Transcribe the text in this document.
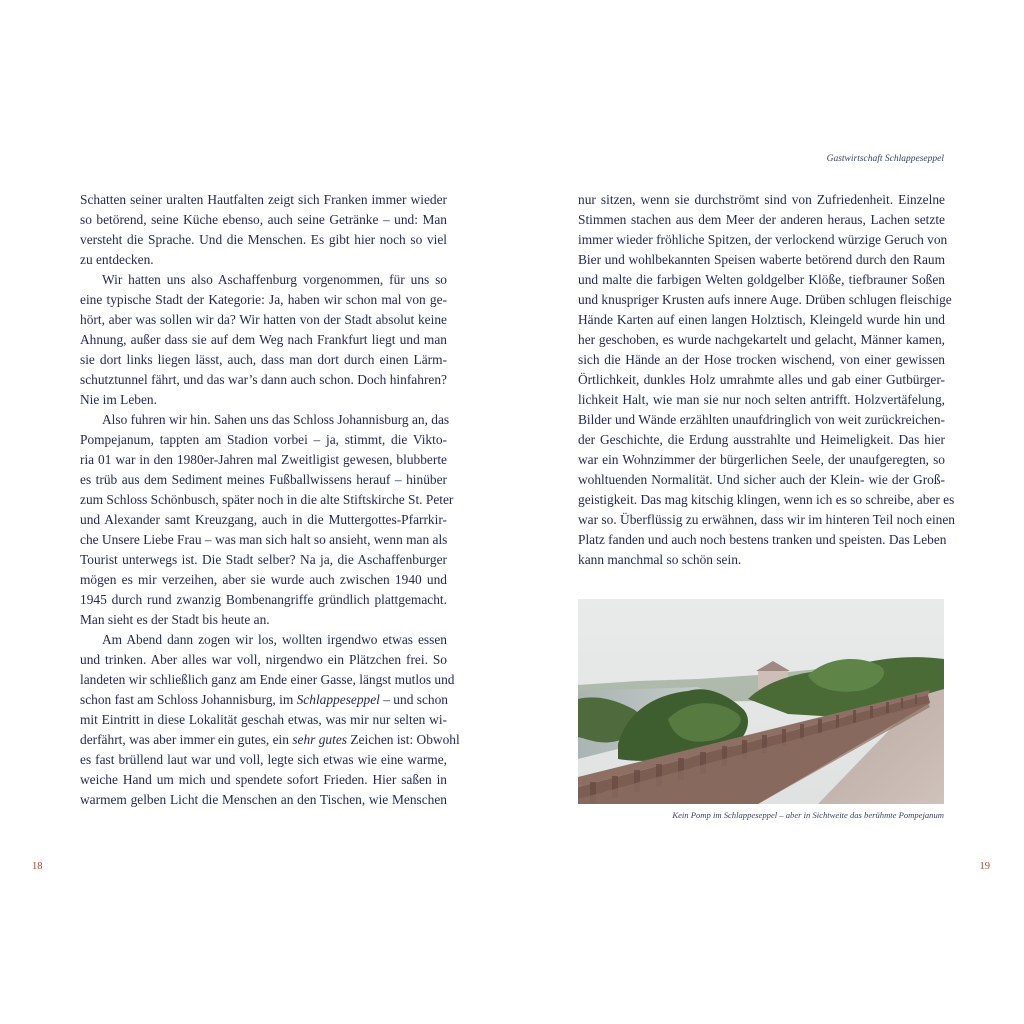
Schatten seiner uralten Hautfalten zeigt sich Franken immer wieder
so betörend, seine Küche ebenso, auch seine Getränke – und: Man
versteht die Sprache. Und die Menschen. Es gibt hier noch so viel
zu entdecken.
Wir hatten uns also Aschaffenburg vorgenommen, für uns so
eine typische Stadt der Kategorie: Ja, haben wir schon mal von ge-
hört, aber was sollen wir da? Wir hatten von der Stadt absolut keine
Ahnung, außer dass sie auf dem Weg nach Frankfurt liegt und man
sie dort links liegen lässt, auch, dass man dort durch einen Lärm-
schutztunnel fährt, und das war’s dann auch schon. Doch hinfahren?
Nie im Leben.
Also fuhren wir hin. Sahen uns das Schloss Johannisburg an, das
Pompejanum, tappten am Stadion vorbei – ja, stimmt, die Vikto-
ria 01 war in den 1980er-Jahren mal Zweitligist gewesen, blubberte
es trüb aus dem Sediment meines Fußballwissens herauf – hinüber
zum Schloss Schönbusch, später noch in die alte Stiftskirche St. Peter
und Alexander samt Kreuzgang, auch in die Muttergottes-Pfarrkir-
che Unsere Liebe Frau – was man sich halt so ansieht, wenn man als
Tourist unterwegs ist. Die Stadt selber? Na ja, die Aschaffenburger
mögen es mir verzeihen, aber sie wurde auch zwischen 1940 und
1945 durch rund zwanzig Bombenangriffe gründlich plattgemacht.
Man sieht es der Stadt bis heute an.
Am Abend dann zogen wir los, wollten irgendwo etwas essen
und trinken. Aber alles war voll, nirgendwo ein Plätzchen frei. So
landeten wir schließlich ganz am Ende einer Gasse, längst mutlos und
schon fast am Schloss Johannisburg, im Schlappeseppel – und schon
mit Eintritt in diese Lokalität geschah etwas, was mir nur selten wi-
derfährt, was aber immer ein gutes, ein sehr gutes Zeichen ist: Obwohl
es fast brüllend laut war und voll, legte sich etwas wie eine warme,
weiche Hand um mich und spendete sofort Frieden. Hier saßen in
warmem gelben Licht die Menschen an den Tischen, wie Menschen
18
Gastwirtschaft Schlappeseppel
nur sitzen, wenn sie durchströmt sind von Zufriedenheit. Einzelne
Stimmen stachen aus dem Meer der anderen heraus, Lachen setzte
immer wieder fröhliche Spitzen, der verlockend würzige Geruch von
Bier und wohlbekannten Speisen waberte betörend durch den Raum
und malte die farbigen Welten goldgelber Klöße, tiefbrauner Soßen
und knuspriger Krusten aufs innere Auge. Drüben schlugen fleischige
Hände Karten auf einen langen Holztisch, Kleingeld wurde hin und
her geschoben, es wurde nachgekartelt und gelacht, Männer kamen,
sich die Hände an der Hose trocken wischend, von einer gewissen
Örtlichkeit, dunkles Holz umrahmte alles und gab einer Gutbürger-
lichkeit Halt, wie man sie nur noch selten antrifft. Holzvertäfelung,
Bilder und Wände erzählten unaufdringlich von weit zurückreichen-
der Geschichte, die Erdung ausstrahlte und Heimeligkeit. Das hier
war ein Wohnzimmer der bürgerlichen Seele, der unaufgeregten, so
wohltuenden Normalität. Und sicher auch der Klein- wie der Groß-
geistigkeit. Das mag kitschig klingen, wenn ich es so schreibe, aber es
war so. Überflüssig zu erwähnen, dass wir im hinteren Teil noch einen
Platz fanden und auch noch bestens tranken und speisten. Das Leben
kann manchmal so schön sein.
Kein Pomp im Schlappeseppel – aber in Sichtweite das berühmte Pompejanum
19
